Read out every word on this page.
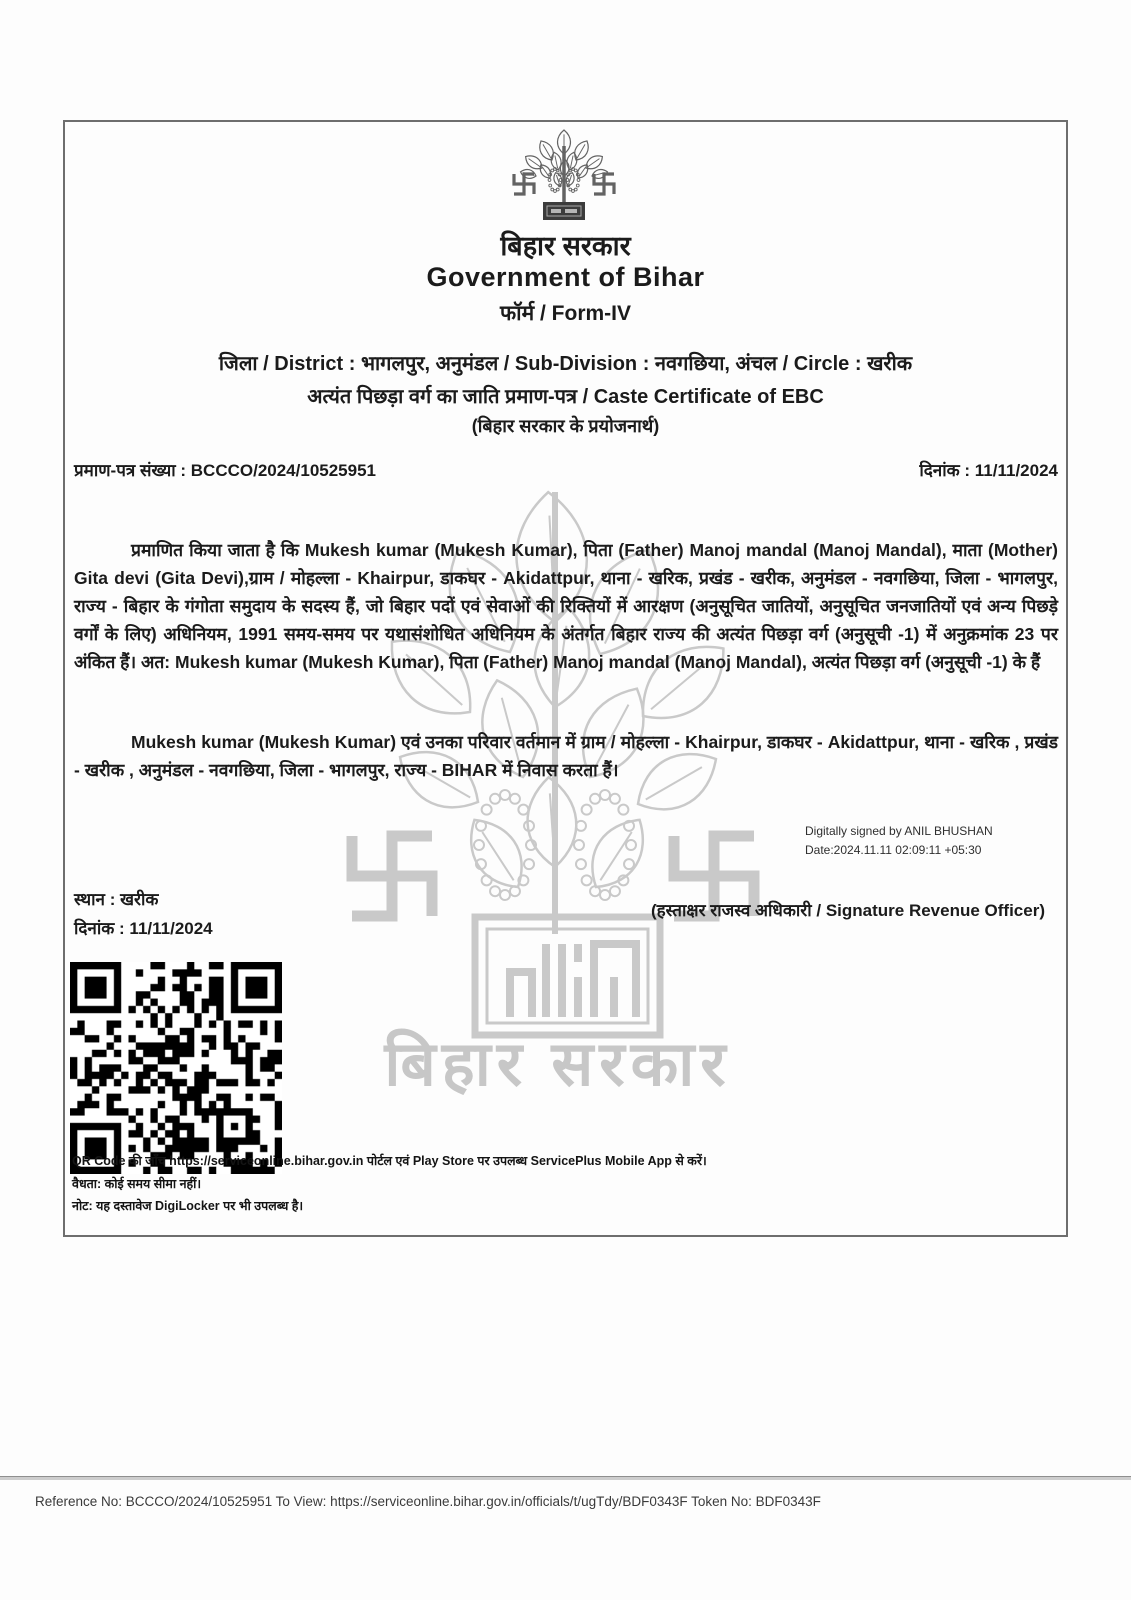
बिहार सरकार
बिहार सरकार
Government of Bihar
फॉर्म / Form-IV
जिला / District : भागलपुर, अनुमंडल / Sub-Division : नवगछिया, अंचल / Circle : खरीक
अत्यंत पिछड़ा वर्ग का जाति प्रमाण-पत्र / Caste Certificate of EBC
(बिहार सरकार के प्रयोजनार्थ)
प्रमाण-पत्र संख्या : BCCCO/2024/10525951	दिनांक : 11/11/2024
प्रमाणित किया जाता है कि Mukesh kumar (Mukesh Kumar), पिता (Father) Manoj mandal (Manoj Mandal), माता (Mother) Gita devi (Gita Devi),ग्राम / मोहल्ला - Khairpur, डाकघर - Akidattpur, थाना - खरिक, प्रखंड - खरीक, अनुमंडल - नवगछिया, जिला - भागलपुर, राज्य - बिहार के गंगोता समुदाय के सदस्य हैं, जो बिहार पदों एवं सेवाओं की रिक्तियों में आरक्षण (अनुसूचित जातियों, अनुसूचित जनजातियों एवं अन्य पिछड़े वर्गों के लिए) अधिनियम, 1991 समय-समय पर यथासंशोधित अधिनियम के अंतर्गत बिहार राज्य की अत्यंत पिछड़ा वर्ग (अनुसूची -1) में अनुक्रमांक 23 पर अंकित हैं। अत: Mukesh kumar (Mukesh Kumar), पिता (Father) Manoj mandal (Manoj Mandal), अत्यंत पिछड़ा वर्ग (अनुसूची -1) के हैं
Mukesh kumar (Mukesh Kumar) एवं उनका परिवार वर्तमान में ग्राम / मोहल्ला - Khairpur, डाकघर - Akidattpur, थाना - खरिक , प्रखंड - खरीक , अनुमंडल - नवगछिया, जिला - भागलपुर, राज्य - BIHAR में निवास करता हैं।
Digitally signed by ANIL BHUSHAN
Date:2024.11.11 02:09:11 +05:30
स्थान : खरीक
दिनांक : 11/11/2024
(हस्ताक्षर राजस्व अधिकारी / Signature Revenue Officer)
QR Code की जाँच https://serviceonline.bihar.gov.in पोर्टल एवं Play Store पर उपलब्ध ServicePlus Mobile App से करें।
वैधता: कोई समय सीमा नहीं।
नोट: यह दस्तावेज DigiLocker पर भी उपलब्ध है।
Reference No: BCCCO/2024/10525951 To View: https://serviceonline.bihar.gov.in/officials/t/ugTdy/BDF0343F Token No: BDF0343F
